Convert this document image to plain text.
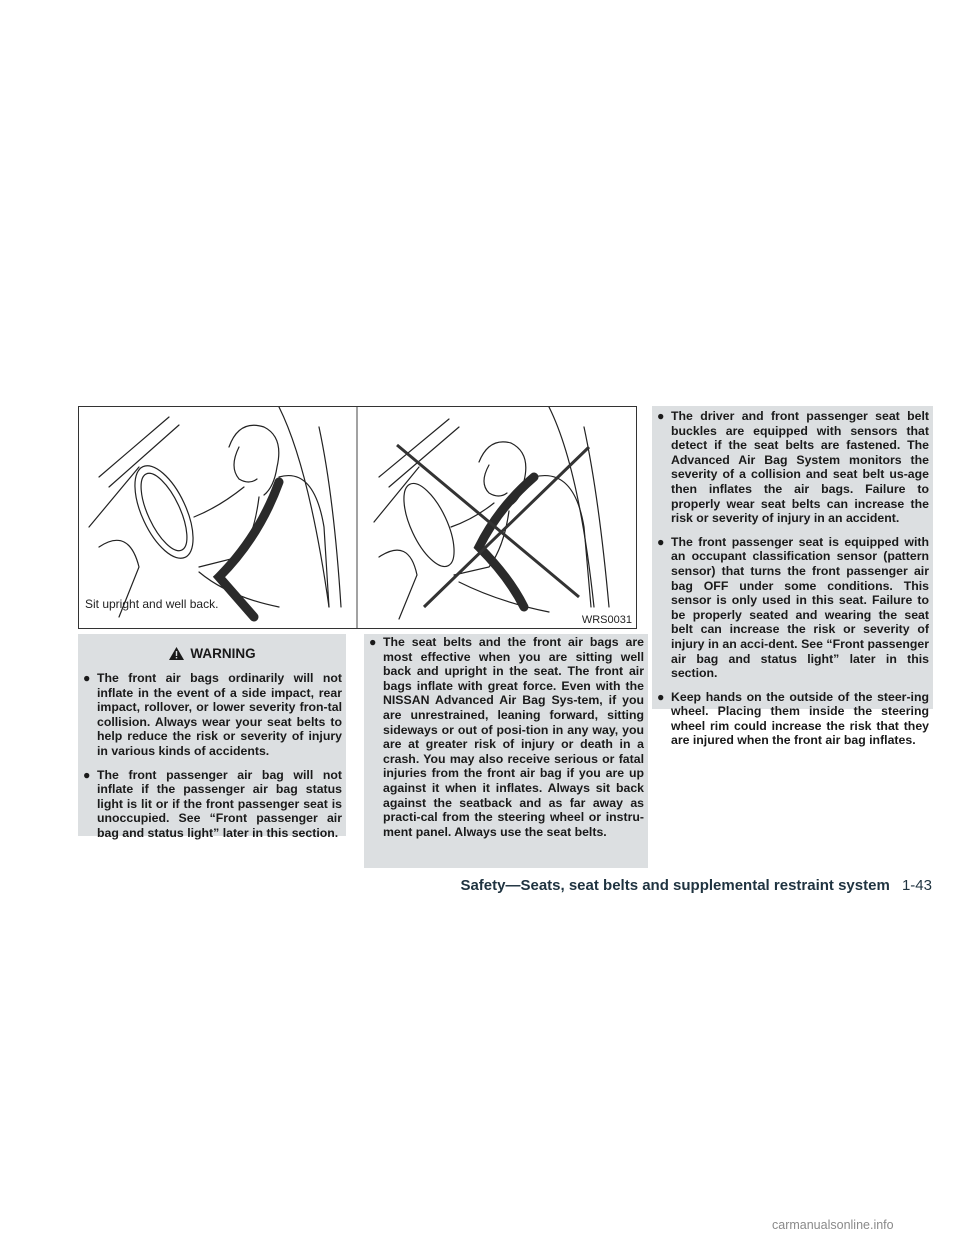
Sit upright and well back.
WRS0031
WARNING

● The front air bags ordinarily will not inflate in the event of a side impact, rear impact, rollover, or lower severity fron-tal collision. Always wear your seat belts to help reduce the risk or severity of injury in various kinds of accidents.

● The front passenger air bag will not inflate if the passenger air bag status light is lit or if the front passenger seat is unoccupied. See “Front passenger air bag and status light” later in this section.

● The seat belts and the front air bags are most effective when you are sitting well back and upright in the seat. The front air bags inflate with great force. Even with the NISSAN Advanced Air Bag Sys-tem, if you are unrestrained, leaning forward, sitting sideways or out of posi-tion in any way, you are at greater risk of injury or death in a crash. You may also receive serious or fatal injuries from the front air bag if you are up against it when it inflates. Always sit back against the seatback and as far away as practi-cal from the steering wheel or instru-ment panel. Always use the seat belts.

● The driver and front passenger seat belt buckles are equipped with sensors that detect if the seat belts are fastened. The Advanced Air Bag System monitors the severity of a collision and seat belt us-age then inflates the air bags. Failure to properly wear seat belts can increase the risk or severity of injury in an accident.

● The front passenger seat is equipped with an occupant classification sensor (pattern sensor) that turns the front passenger air bag OFF under some conditions. This sensor is only used in this seat. Failure to be properly seated and wearing the seat belt can increase the risk or severity of injury in an acci-dent. See “Front passenger air bag and status light” later in this section.

● Keep hands on the outside of the steer-ing wheel. Placing them inside the steering wheel rim could increase the risk that they are injured when the front air bag inflates.

Safety—Seats, seat belts and supplemental restraint system 1-43
carmanualsonline.info
